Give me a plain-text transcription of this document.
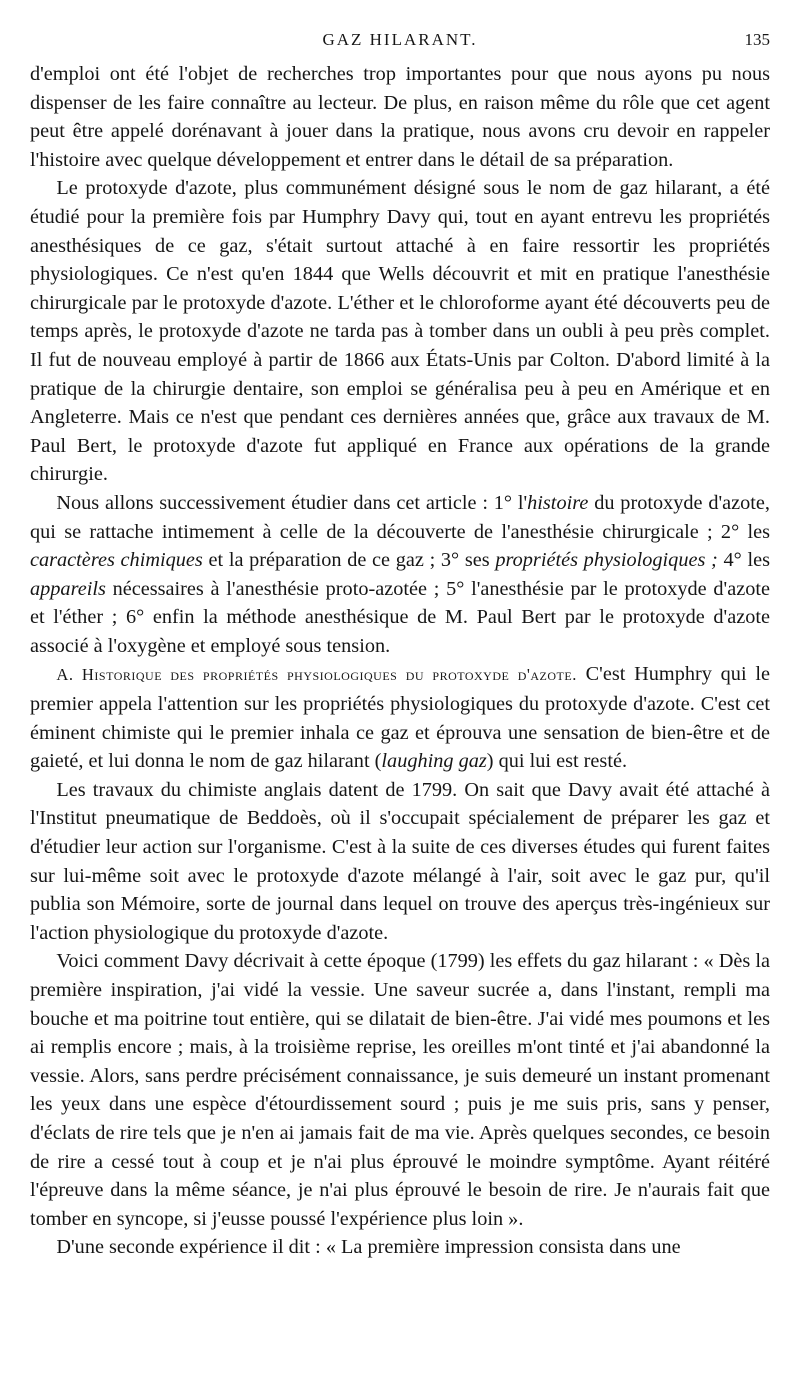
GAZ HILARANT.	135

d'emploi ont été l'objet de recherches trop importantes pour que nous ayons pu nous dispenser de les faire connaître au lecteur. De plus, en raison même du rôle que cet agent peut être appelé dorénavant à jouer dans la pratique, nous avons cru devoir en rappeler l'histoire avec quelque développement et entrer dans le détail de sa préparation.

Le protoxyde d'azote, plus communément désigné sous le nom de gaz hilarant, a été étudié pour la première fois par Humphry Davy qui, tout en ayant entrevu les propriétés anesthésiques de ce gaz, s'était surtout attaché à en faire ressortir les propriétés physiologiques. Ce n'est qu'en 1844 que Wells découvrit et mit en pratique l'anesthésie chirurgicale par le protoxyde d'azote. L'éther et le chloroforme ayant été découverts peu de temps après, le protoxyde d'azote ne tarda pas à tomber dans un oubli à peu près complet. Il fut de nouveau employé à partir de 1866 aux États-Unis par Colton. D'abord limité à la pratique de la chirurgie dentaire, son emploi se généralisa peu à peu en Amérique et en Angleterre. Mais ce n'est que pendant ces dernières années que, grâce aux travaux de M. Paul Bert, le protoxyde d'azote fut appliqué en France aux opérations de la grande chirurgie.

Nous allons successivement étudier dans cet article : 1° l'histoire du protoxyde d'azote, qui se rattache intimement à celle de la découverte de l'anesthésie chirurgicale ; 2° les caractères chimiques et la préparation de ce gaz ; 3° ses propriétés physiologiques ; 4° les appareils nécessaires à l'anesthésie proto-azotée ; 5° l'anesthésie par le protoxyde d'azote et l'éther ; 6° enfin la méthode anesthésique de M. Paul Bert par le protoxyde d'azote associé à l'oxygène et employé sous tension.

A. Historique des propriétés physiologiques du protoxyde d'azote. C'est Humphry qui le premier appela l'attention sur les propriétés physiologiques du protoxyde d'azote. C'est cet éminent chimiste qui le premier inhala ce gaz et éprouva une sensation de bien-être et de gaieté, et lui donna le nom de gaz hilarant (laughing gaz) qui lui est resté.

Les travaux du chimiste anglais datent de 1799. On sait que Davy avait été attaché à l'Institut pneumatique de Beddoès, où il s'occupait spécialement de préparer les gaz et d'étudier leur action sur l'organisme. C'est à la suite de ces diverses études qui furent faites sur lui-même soit avec le protoxyde d'azote mélangé à l'air, soit avec le gaz pur, qu'il publia son Mémoire, sorte de journal dans lequel on trouve des aperçus très-ingénieux sur l'action physiologique du protoxyde d'azote.

Voici comment Davy décrivait à cette époque (1799) les effets du gaz hilarant : « Dès la première inspiration, j'ai vidé la vessie. Une saveur sucrée a, dans l'instant, rempli ma bouche et ma poitrine tout entière, qui se dilatait de bien-être. J'ai vidé mes poumons et les ai remplis encore ; mais, à la troisième reprise, les oreilles m'ont tinté et j'ai abandonné la vessie. Alors, sans perdre précisément connaissance, je suis demeuré un instant promenant les yeux dans une espèce d'étourdissement sourd ; puis je me suis pris, sans y penser, d'éclats de rire tels que je n'en ai jamais fait de ma vie. Après quelques secondes, ce besoin de rire a cessé tout à coup et je n'ai plus éprouvé le moindre symptôme. Ayant réitéré l'épreuve dans la même séance, je n'ai plus éprouvé le besoin de rire. Je n'aurais fait que tomber en syncope, si j'eusse poussé l'expérience plus loin ».

D'une seconde expérience il dit : « La première impression consista dans une
